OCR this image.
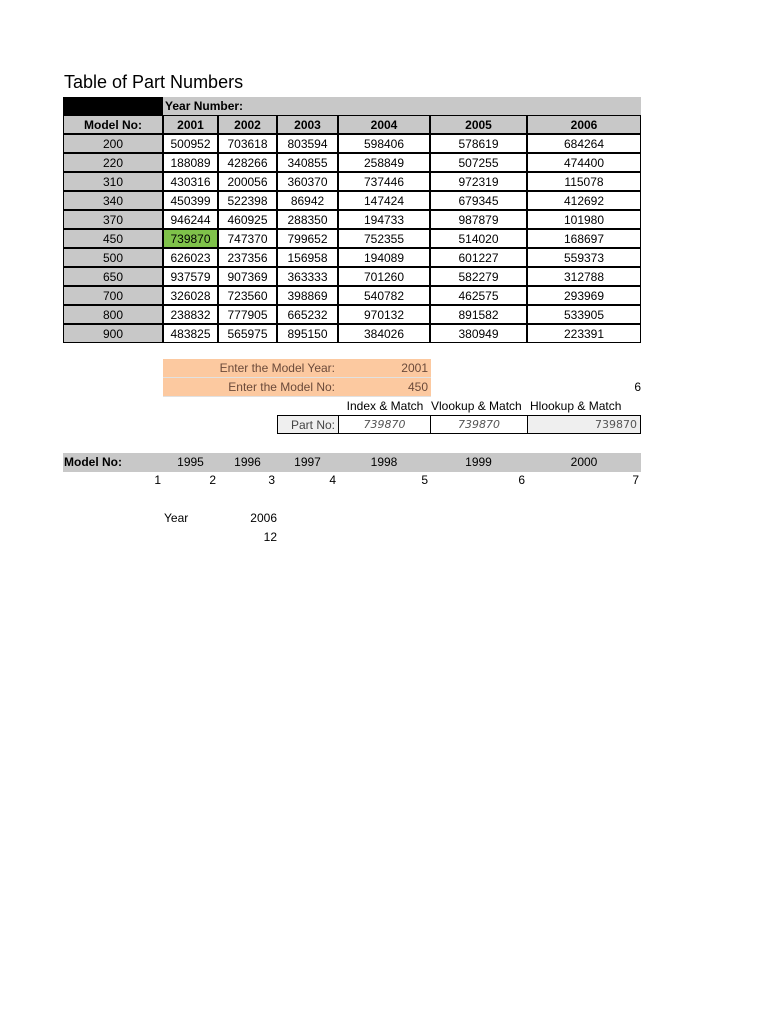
Table of Part Numbers
Year Number:
Model No:	2001	2002	2003	2004	2005	2006
200	500952	703618	803594	598406	578619	684264
220	188089	428266	340855	258849	507255	474400
310	430316	200056	360370	737446	972319	115078
340	450399	522398	86942	147424	679345	412692
370	946244	460925	288350	194733	987879	101980
450	739870	747370	799652	752355	514020	168697
500	626023	237356	156958	194089	601227	559373
650	937579	907369	363333	701260	582279	312788
700	326028	723560	398869	540782	462575	293969
800	238832	777905	665232	970132	891582	533905
900	483825	565975	895150	384026	380949	223391
Enter the Model Year:	2001
Enter the Model No:	450	6
Index & Match Vlookup & Match Hlookup & Match
Part No:	739870	739870	739870
Model No:	1995	1996	1997	1998	1999	2000
1	2	3	4	5	6	7
Year	2006
12
